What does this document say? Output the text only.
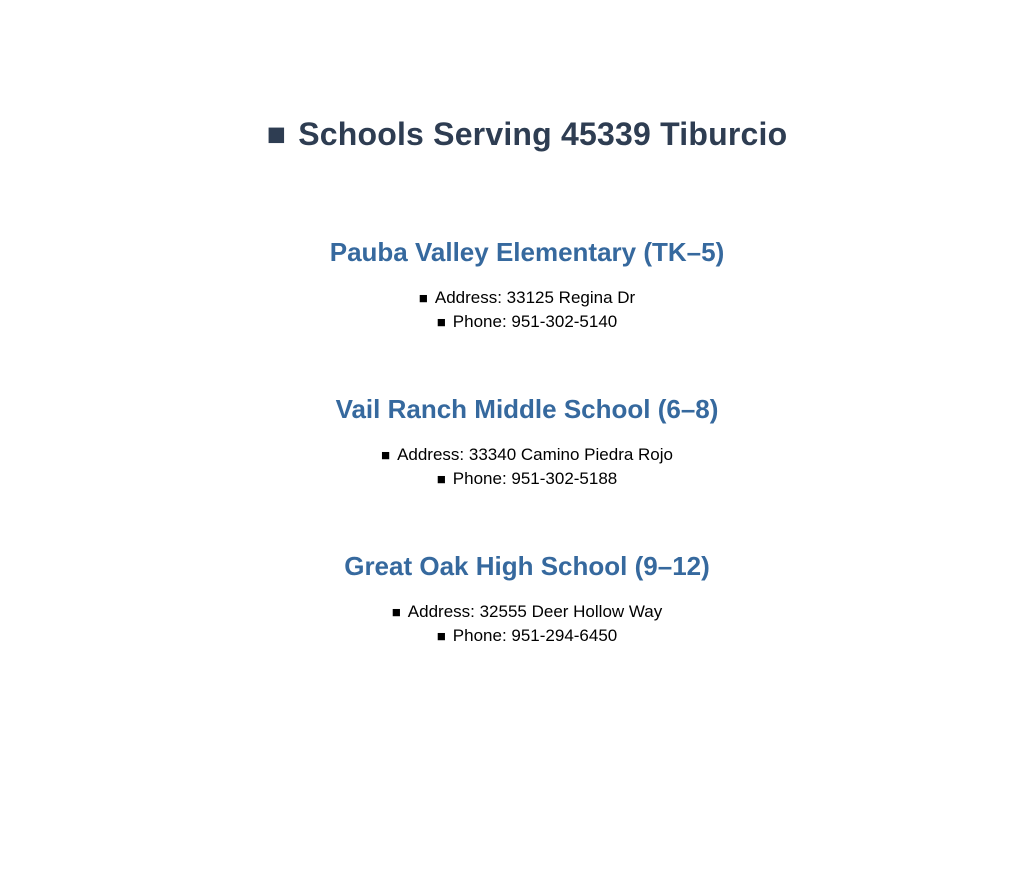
■ Schools Serving 45339 Tiburcio
Pauba Valley Elementary (TK–5)
■ Address: 33125 Regina Dr
■ Phone: 951-302-5140
Vail Ranch Middle School (6–8)
■ Address: 33340 Camino Piedra Rojo
■ Phone: 951-302-5188
Great Oak High School (9–12)
■ Address: 32555 Deer Hollow Way
■ Phone: 951-294-6450
